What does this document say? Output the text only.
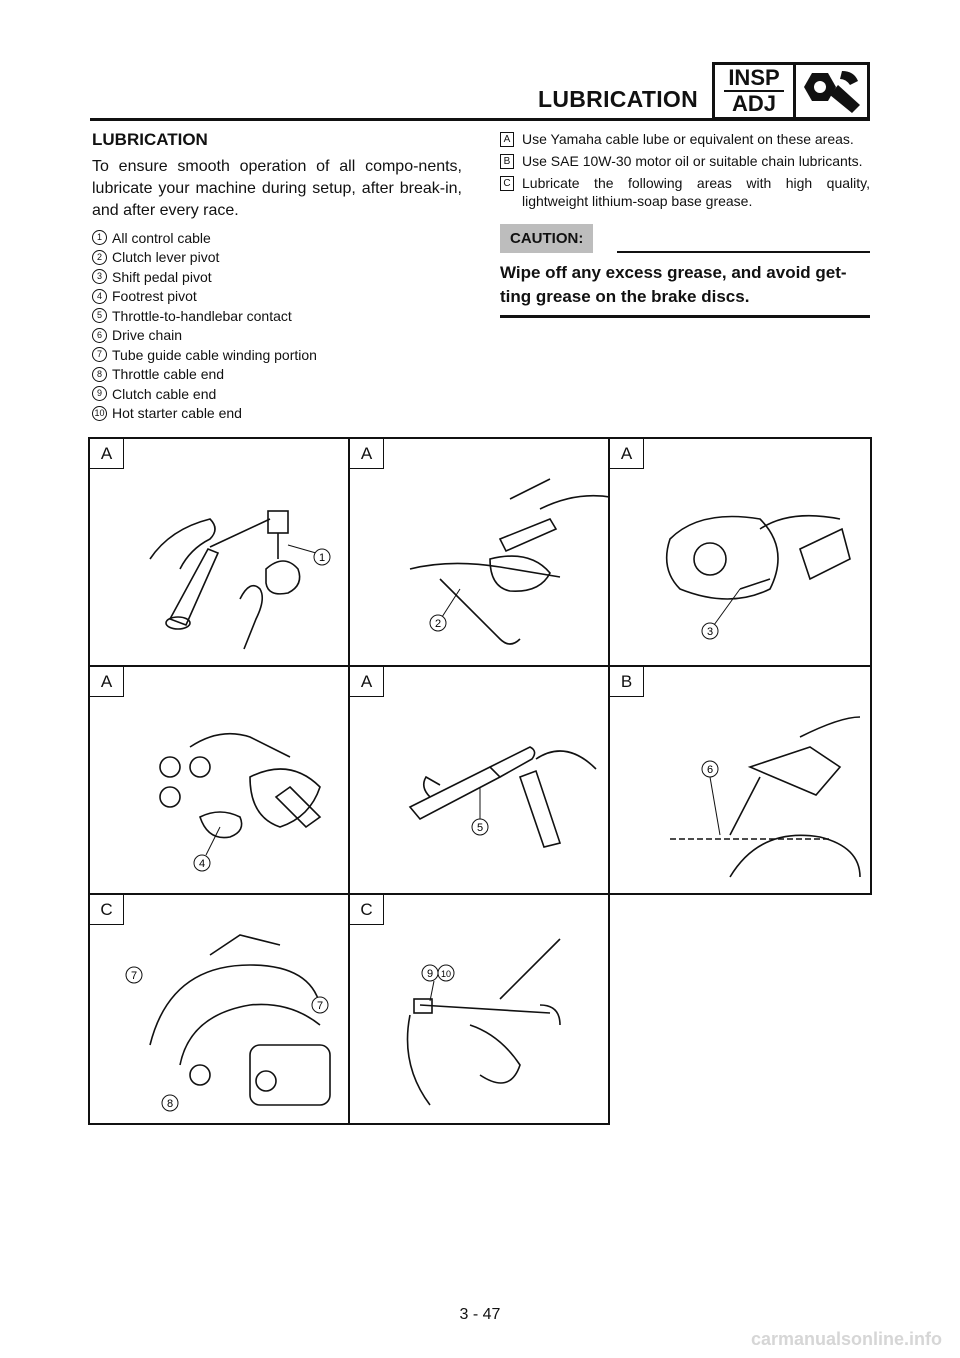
LUBRICATION
INSP
ADJ
LUBRICATION
To ensure smooth operation of all compo-nents, lubricate your machine during setup, after break-in, and after every race.
1 All control cable
2 Clutch lever pivot
3 Shift pedal pivot
4 Footrest pivot
5 Throttle-to-handlebar contact
6 Drive chain
7 Tube guide cable winding portion
8 Throttle cable end
9 Clutch cable end
10 Hot starter cable end
A Use Yamaha cable lube or equivalent on these areas.
B Use SAE 10W-30 motor oil or suitable chain lubricants.
C Lubricate the following areas with high quality, lightweight lithium-soap base grease.
CAUTION:
Wipe off any excess grease, and avoid get-ting grease on the brake discs.
A
1
A
2
A
3
A
4
A
5
B
6
C
7
7
8
C
9 10
3 - 47
carmanualsonline.info
